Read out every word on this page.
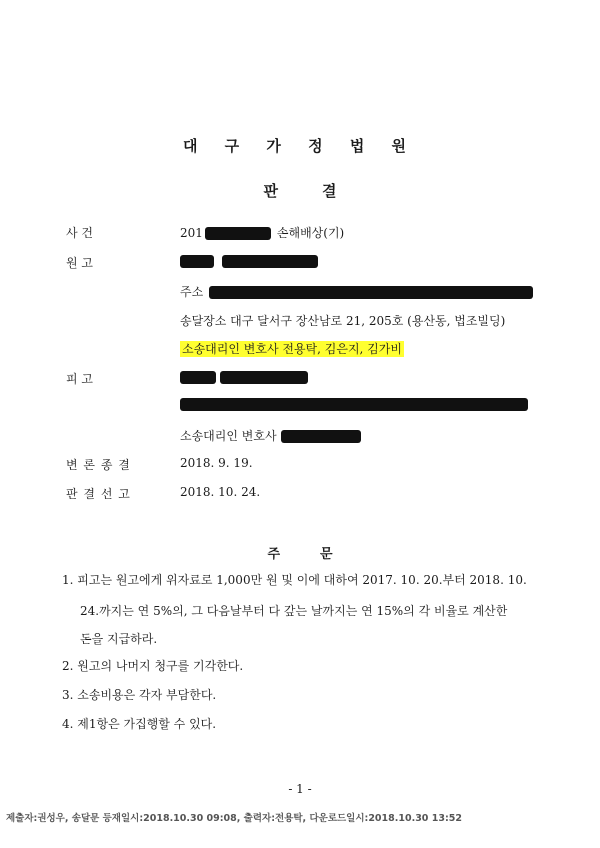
대 구 가 정 법 원
판	결
사 건	201	손해배상(기)
원 고
주소
송달장소 대구 달서구 장산남로 21, 205호 (용산동, 법조빌딩)
소송대리인 변호사 전용탁, 김은지, 김가비
피 고
소송대리인 변호사
변 론 종 결	2018. 9. 19.
판 결 선 고	2018. 10. 24.
주	문
1. 피고는 원고에게 위자료로 1,000만 원 및 이에 대하여 2017. 10. 20.부터 2018. 10.
24.까지는 연 5%의, 그 다음날부터 다 갚는 날까지는 연 15%의 각 비율로 계산한
돈을 지급하라.
2. 원고의 나머지 청구를 기각한다.
3. 소송비용은 각자 부담한다.
4. 제1항은 가집행할 수 있다.
- 1 -
제출자:권성우, 송달문 등재일시:2018.10.30 09:08, 출력자:전용탁, 다운로드일시:2018.10.30 13:52
